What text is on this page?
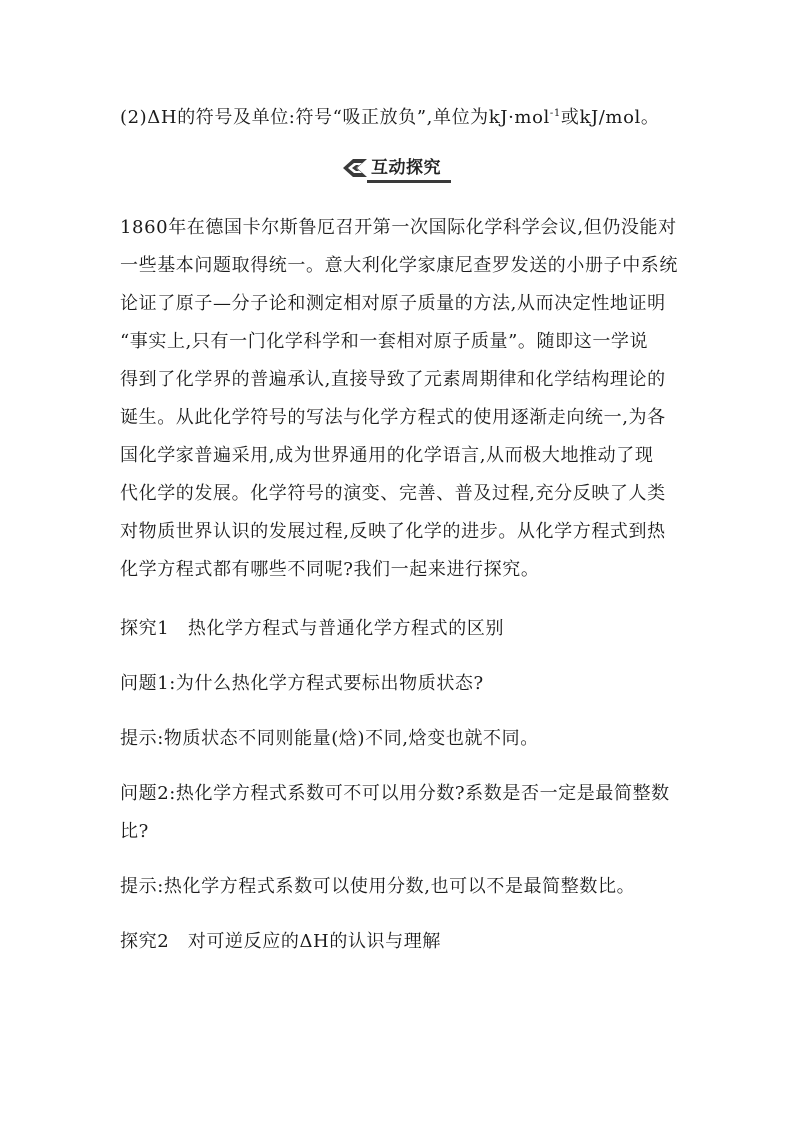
(2)ΔH的符号及单位:符号“吸正放负”,单位为kJ·mol$^{-1}$或kJ/mol。
互动探究
1860年在德国卡尔斯鲁厄召开第一次国际化学科学会议,但仍没能对
一些基本问题取得统一。意大利化学家康尼查罗发送的小册子中系统
论证了原子—分子论和测定相对原子质量的方法,从而决定性地证明
“事实上,只有一门化学科学和一套相对原子质量”。随即这一学说
得到了化学界的普遍承认,直接导致了元素周期律和化学结构理论的
诞生。从此化学符号的写法与化学方程式的使用逐渐走向统一,为各
国化学家普遍采用,成为世界通用的化学语言,从而极大地推动了现
代化学的发展。化学符号的演变、完善、普及过程,充分反映了人类
对物质世界认识的发展过程,反映了化学的进步。从化学方程式到热
化学方程式都有哪些不同呢?我们一起来进行探究。
探究1　热化学方程式与普通化学方程式的区别
问题1:为什么热化学方程式要标出物质状态?
提示:物质状态不同则能量(焓)不同,焓变也就不同。
问题2:热化学方程式系数可不可以用分数?系数是否一定是最简整数
比?
提示:热化学方程式系数可以使用分数,也可以不是最简整数比。
探究2　对可逆反应的ΔH的认识与理解
